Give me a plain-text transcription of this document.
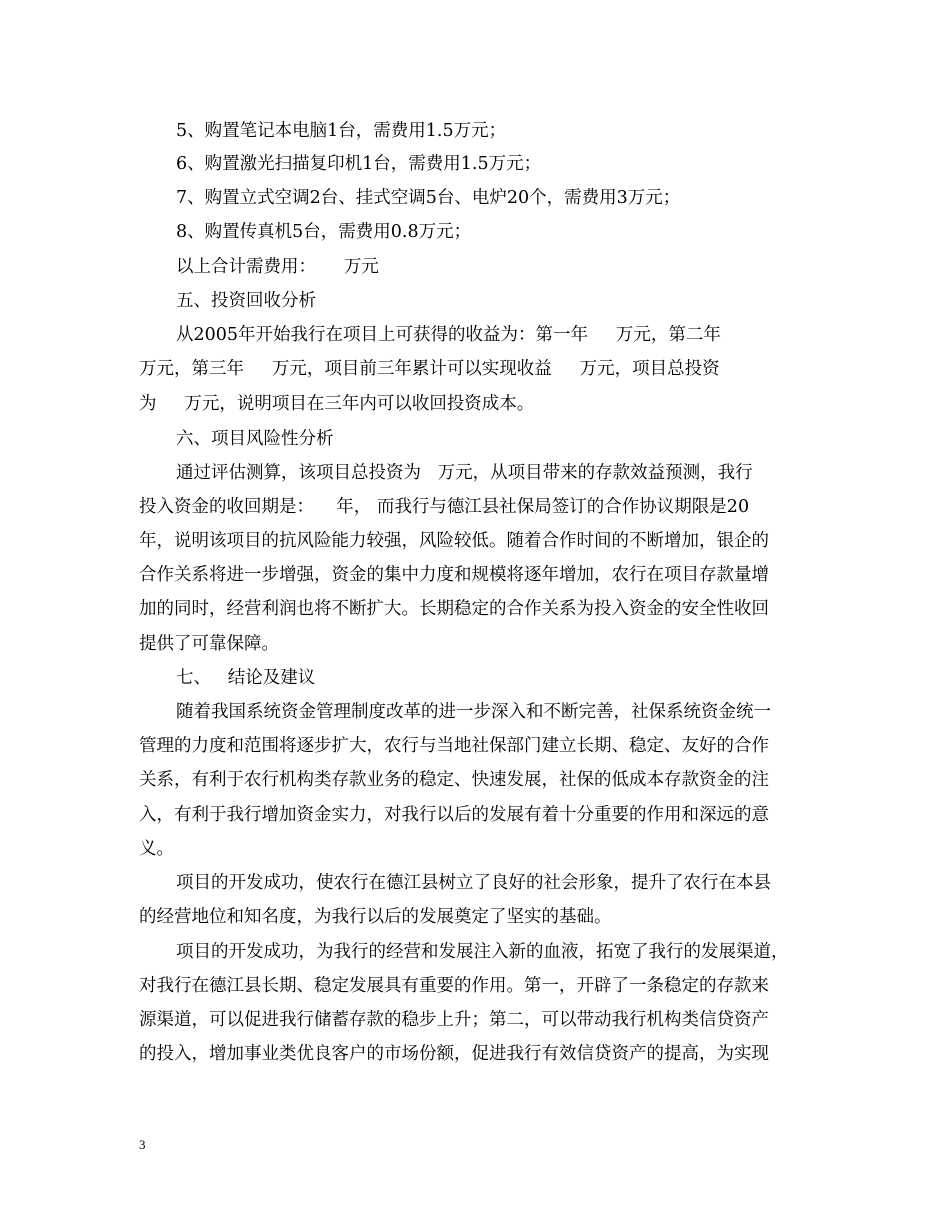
5、购置笔记本电脑1台，需费用1.5万元；
6、购置激光扫描复印机1台，需费用1.5万元；
7、购置立式空调2台、挂式空调5台、电炉20个，需费用3万元；
8、购置传真机5台，需费用0.8万元；
以上合计需费用：     万元
五、投资回收分析
从2005年开始我行在项目上可获得的收益为：第一年     万元，第二年
万元，第三年     万元，项目前三年累计可以实现收益     万元，项目总投资
为     万元，说明项目在三年内可以收回投资成本。
六、项目风险性分析
通过评估测算，该项目总投资为   万元，从项目带来的存款效益预测，我行
投入资金的收回期是：    年， 而我行与德江县社保局签订的合作协议期限是20
年，说明该项目的抗风险能力较强，风险较低。随着合作时间的不断增加，银企的
合作关系将进一步增强，资金的集中力度和规模将逐年增加，农行在项目存款量增
加的同时，经营利润也将不断扩大。长期稳定的合作关系为投入资金的安全性收回
提供了可靠保障。
七、   结论及建议
随着我国系统资金管理制度改革的进一步深入和不断完善，社保系统资金统一
管理的力度和范围将逐步扩大，农行与当地社保部门建立长期、稳定、友好的合作
关系，有利于农行机构类存款业务的稳定、快速发展，社保的低成本存款资金的注
入，有利于我行增加资金实力，对我行以后的发展有着十分重要的作用和深远的意
义。
项目的开发成功，使农行在德江县树立了良好的社会形象，提升了农行在本县
的经营地位和知名度，为我行以后的发展奠定了坚实的基础。
项目的开发成功，为我行的经营和发展注入新的血液，拓宽了我行的发展渠道，
对我行在德江县长期、稳定发展具有重要的作用。第一，开辟了一条稳定的存款来
源渠道，可以促进我行储蓄存款的稳步上升；第二，可以带动我行机构类信贷资产
的投入，增加事业类优良客户的市场份额，促进我行有效信贷资产的提高，为实现
3
